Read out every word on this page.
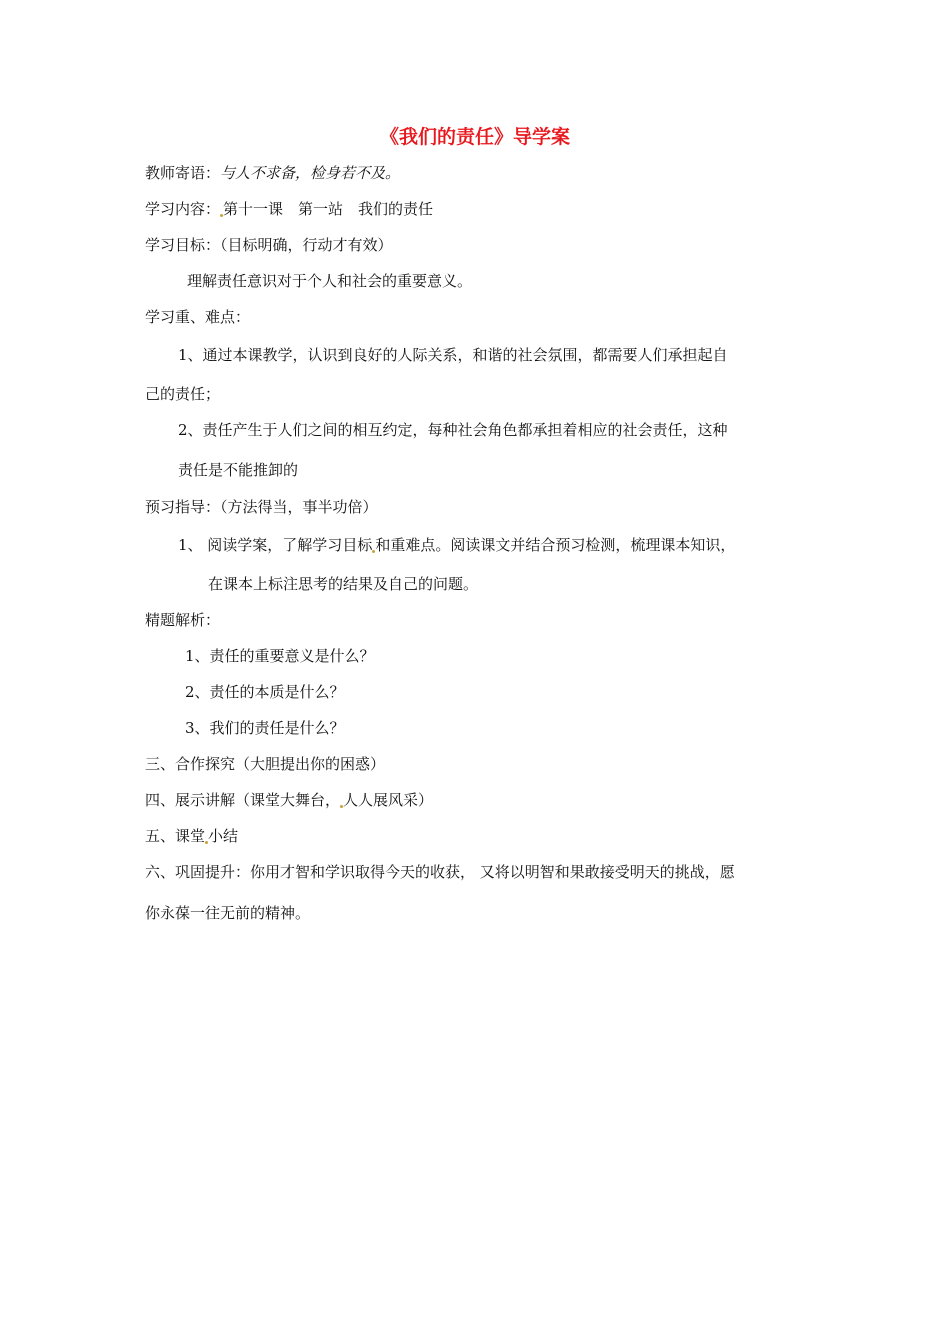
《我们的责任》导学案
教师寄语：与人不求备，检身若不及。
学习内容： 第十一课　第一站　我们的责任
学习目标：（目标明确，行动才有效）
理解责任意识对于个人和社会的重要意义。
学习重、难点：
1、通过本课教学，认识到良好的人际关系，和谐的社会氛围，都需要人们承担起自
己的责任；
2、责任产生于人们之间的相互约定，每种社会角色都承担着相应的社会责任，这种
责任是不能推卸的
预习指导：（方法得当，事半功倍）
1、 阅读学案，了解学习目标 和重难点。阅读课文并结合预习检测，梳理课本知识，
在课本上标注思考的结果及自己的问题。
精题解析：
1、责任的重要意义是什么？
2、责任的本质是什么？
3、我们的责任是什么？
三、合作探究（大胆提出你的困惑）
四、展示讲解（课堂大舞台， 人人展风采）
五、课堂 小结
六、巩固提升：你用才智和学识取得今天的收获， 又将以明智和果敢接受明天的挑战，愿
你永葆一往无前的精神。
